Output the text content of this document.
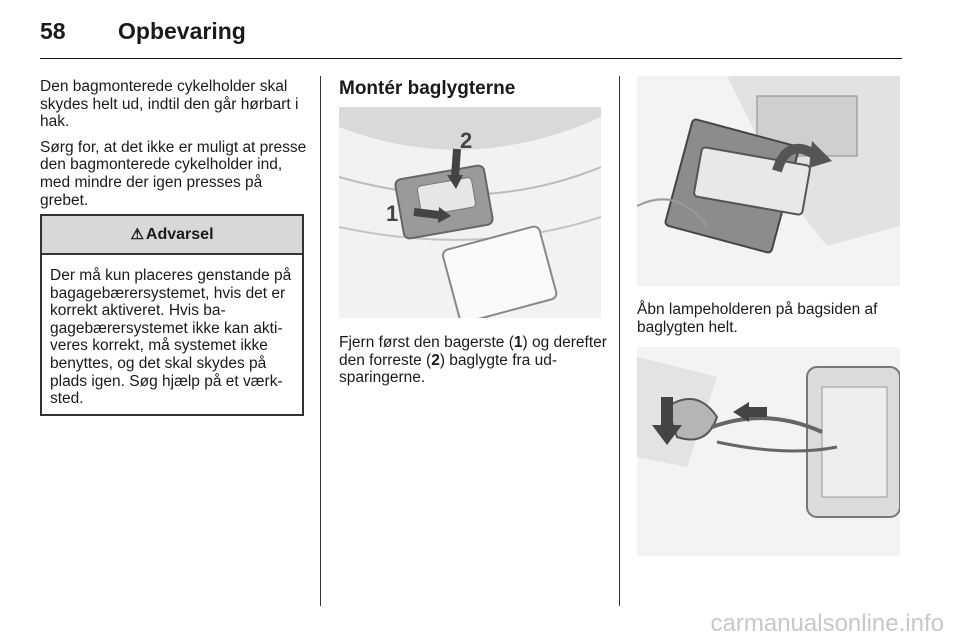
58 Opbevaring

Den bagmonterede cykelholder skal skydes helt ud, indtil den går hørbart i hak.

Sørg for, at det ikke er muligt at presse den bagmonterede cykelholder ind, med mindre der igen presses på grebet.

⚠ Advarsel
Der må kun placeres genstande på bagagebærersystemet, hvis det er korrekt aktiveret. Hvis bagagebærersystemet ikke kan aktiveres korrekt, må systemet ikke benyttes, og det skal skydes på plads igen. Søg hjælp på et værksted.
Montér baglygterne
1
2
Fjern først den bagerste (1) og derefter den forreste (2) baglygte fra udsparingerne.
Åbn lampeholderen på bagsiden af baglygten helt.
carmanualsonline.info
